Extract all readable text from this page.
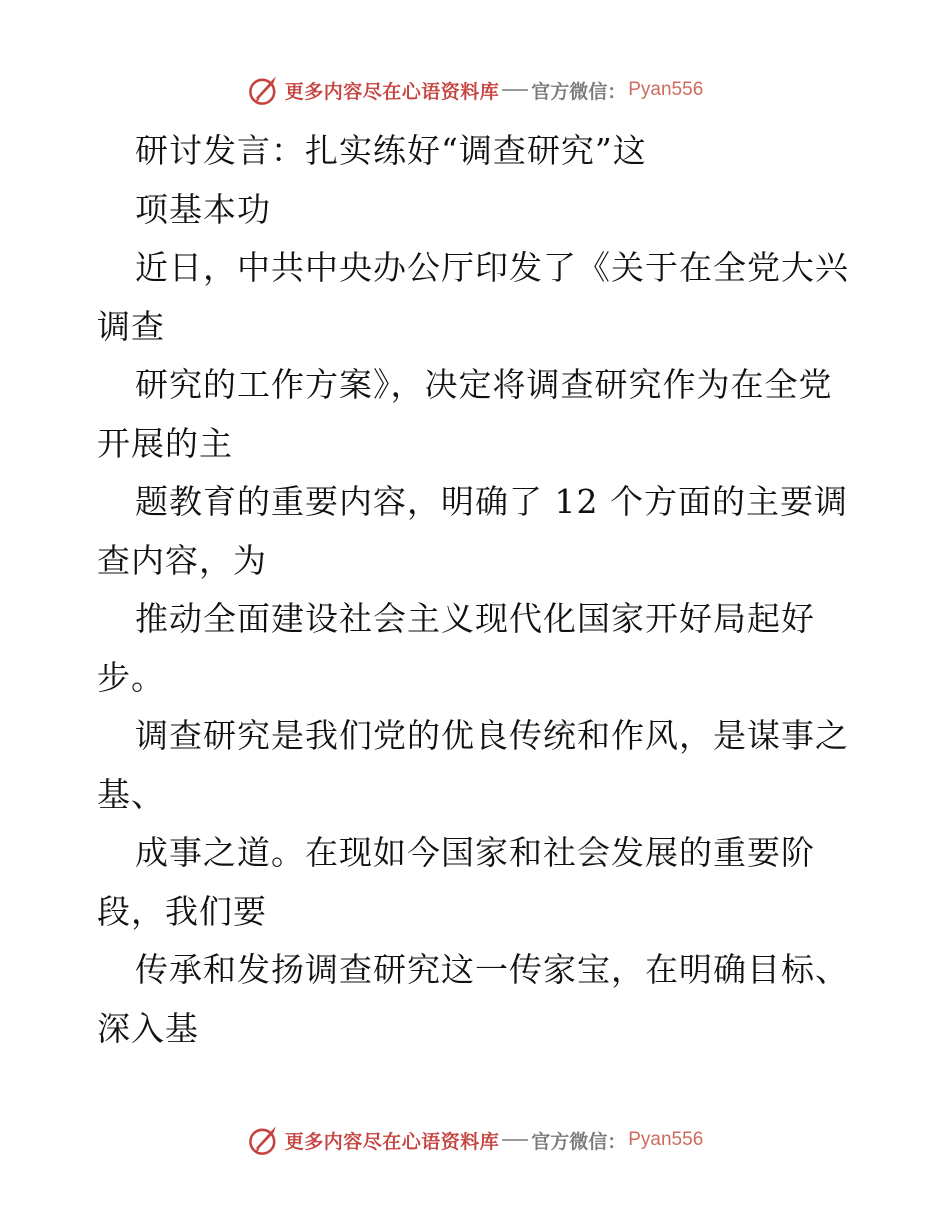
更多内容尽在心语资料库 官方微信： Pyan556
研讨发言：扎实练好“调查研究”这
项基本功
近日，中共中央办公厅印发了《关于在全党大兴
调查
研究的工作方案》，决定将调查研究作为在全党
开展的主
题教育的重要内容，明确了 12 个方面的主要调
查内容，为
推动全面建设社会主义现代化国家开好局起好
步。
调查研究是我们党的优良传统和作风，是谋事之
基、
成事之道。在现如今国家和社会发展的重要阶
段，我们要
传承和发扬调查研究这一传家宝，在明确目标、
深入基
更多内容尽在心语资料库 官方微信： Pyan556
